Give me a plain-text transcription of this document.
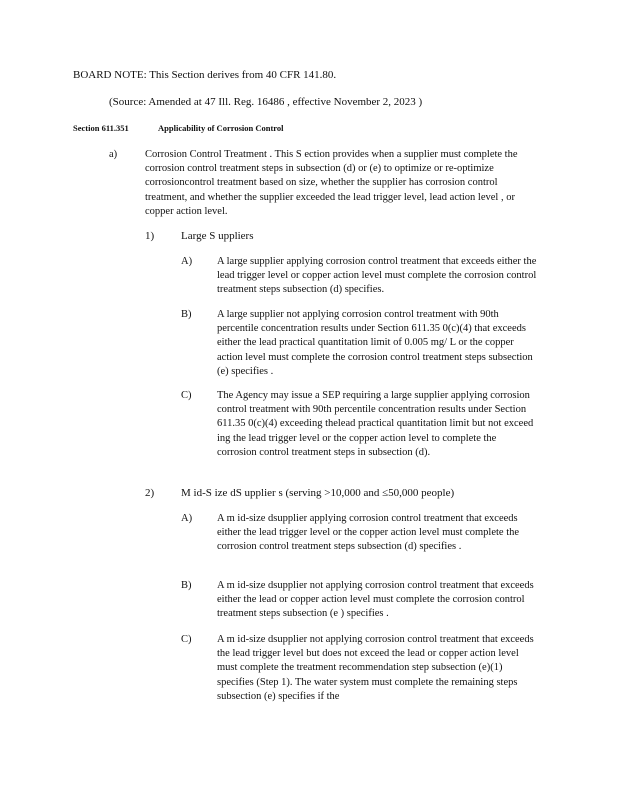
BOARD NOTE: This Section derives from 40 CFR 141.80.

(Source: Amended at 47 Ill. Reg. 16486 , effective November 2, 2023 )

Section 611.351	Applicability of Corrosion Control

a)	Corrosion Control Treatment . This S ection provides when a supplier must complete the corrosion control treatment steps in subsection (d) or (e) to optimize or re-optimize corrosioncontrol treatment based on size, whether the supplier has corrosion control treatment, and whether the supplier exceeded the lead trigger level, lead action level , or copper action level.

1) Large S uppliers

A) A large supplier applying corrosion control treatment that exceeds either the lead trigger level or copper action level must complete the corrosion control treatment steps subsection (d) specifies.

B) A large supplier not applying corrosion control treatment with 90th percentile concentration results under Section 611.35 0(c)(4) that exceeds either the lead practical quantitation limit of 0.005 mg/ L or the copper action level must complete the corrosion control treatment steps subsection (e) specifies .

C) The Agency may issue a SEP requiring a large supplier applying corrosion control treatment with 90th percentile concentration results under Section 611.35 0(c)(4) exceeding thelead practical quantitation limit but not exceed ing the lead trigger level or the copper action level to complete the corrosion control treatment steps in subsection (d).

2) M id-S ize dS upplier s (serving >10,000 and ≤50,000 people)

A) A m id-size dsupplier applying corrosion control treatment that exceeds either the lead trigger level or the copper action level must complete the corrosion control treatment steps subsection (d) specifies .

B) A m id-size dsupplier not applying corrosion control treatment that exceeds either the lead or copper action level must complete the corrosion control treatment steps subsection (e ) specifies .

C) A m id-size dsupplier not applying corrosion control treatment that exceeds the lead trigger level but does not exceed the lead or copper action level must complete the treatment recommendation step subsection (e)(1) specifies (Step 1). The water system must complete the remaining steps subsection (e) specifies if the
